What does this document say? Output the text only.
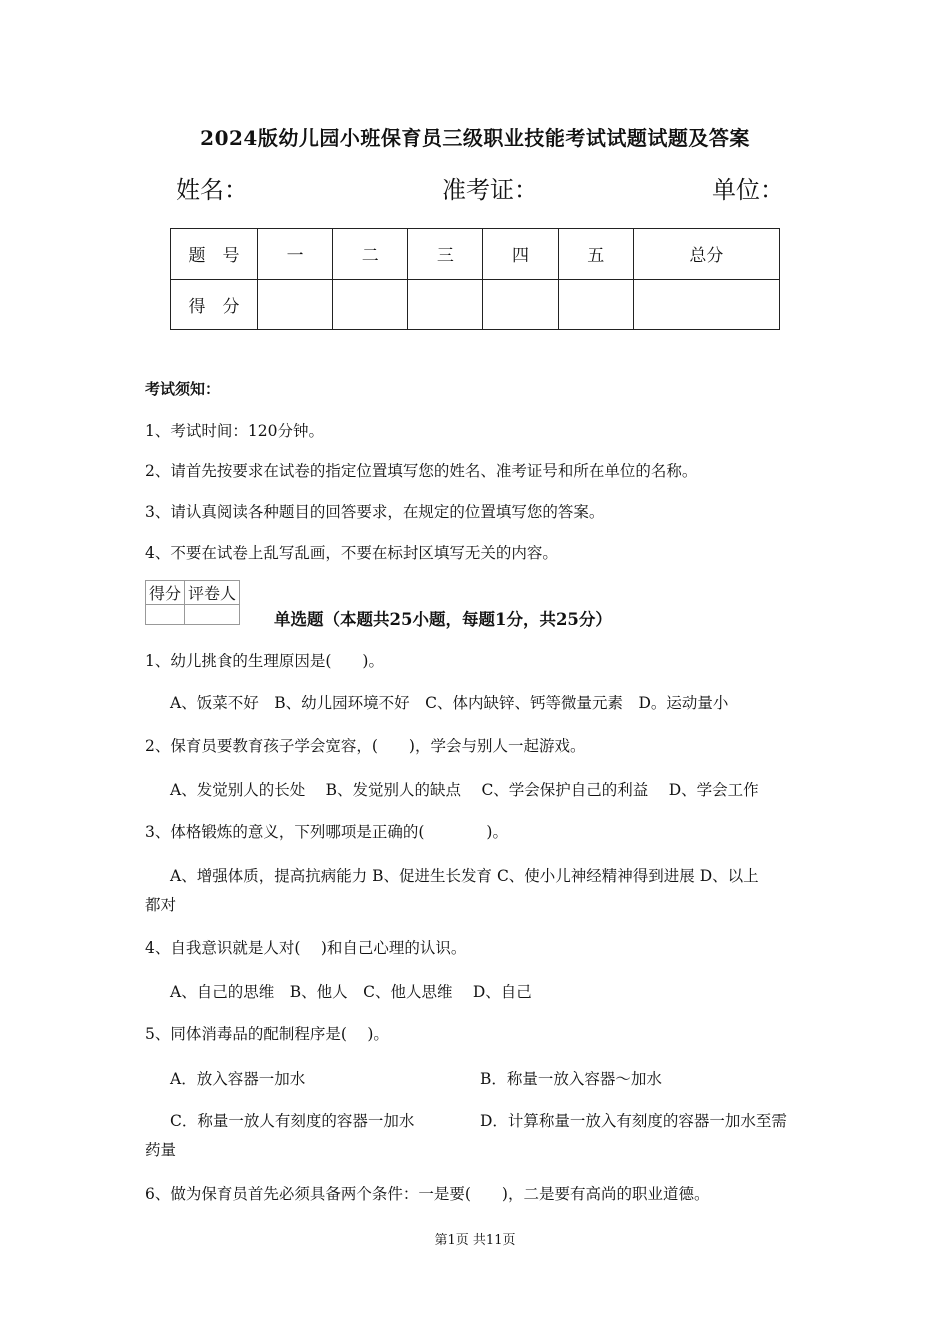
2024版幼儿园小班保育员三级职业技能考试试题试题及答案
姓名：	准考证：	单位：
题　号	一	二	三	四	五	总分
得　分						
考试须知：
1、考试时间：120分钟。
2、请首先按要求在试卷的指定位置填写您的姓名、准考证号和所在单位的名称。
3、请认真阅读各种题目的回答要求，在规定的位置填写您的答案。
4、不要在试卷上乱写乱画，不要在标封区填写无关的内容。
得分	评卷人

单选题（本题共25小题，每题1分，共25分）
1、幼儿挑食的生理原因是(　　)。
A、饭菜不好　B、幼儿园环境不好　C、体内缺锌、钙等微量元素　D。运动量小
2、保育员要教育孩子学会宽容，(　　)，学会与别人一起游戏。
A、发觉别人的长处　 B、发觉别人的缺点　 C、学会保护自己的利益　 D、学会工作
3、体格锻炼的意义，下列哪项是正确的(　　　　)。
A、增强体质，提高抗病能力 B、促进生长发育 C、使小儿神经精神得到进展 D、以上
都对
4、自我意识就是人对(　 )和自己心理的认识。
A、自己的思维　B、他人　C、他人思维　 D、自己
5、同体消毒品的配制程序是(　 )。
A．放入容器一加水	B．称量一放入容器～加水
C．称量一放人有刻度的容器一加水	D．计算称量一放入有刻度的容器一加水至需
药量
6、做为保育员首先必须具备两个条件：一是要(　　)，二是要有高尚的职业道德。
第1页 共11页
